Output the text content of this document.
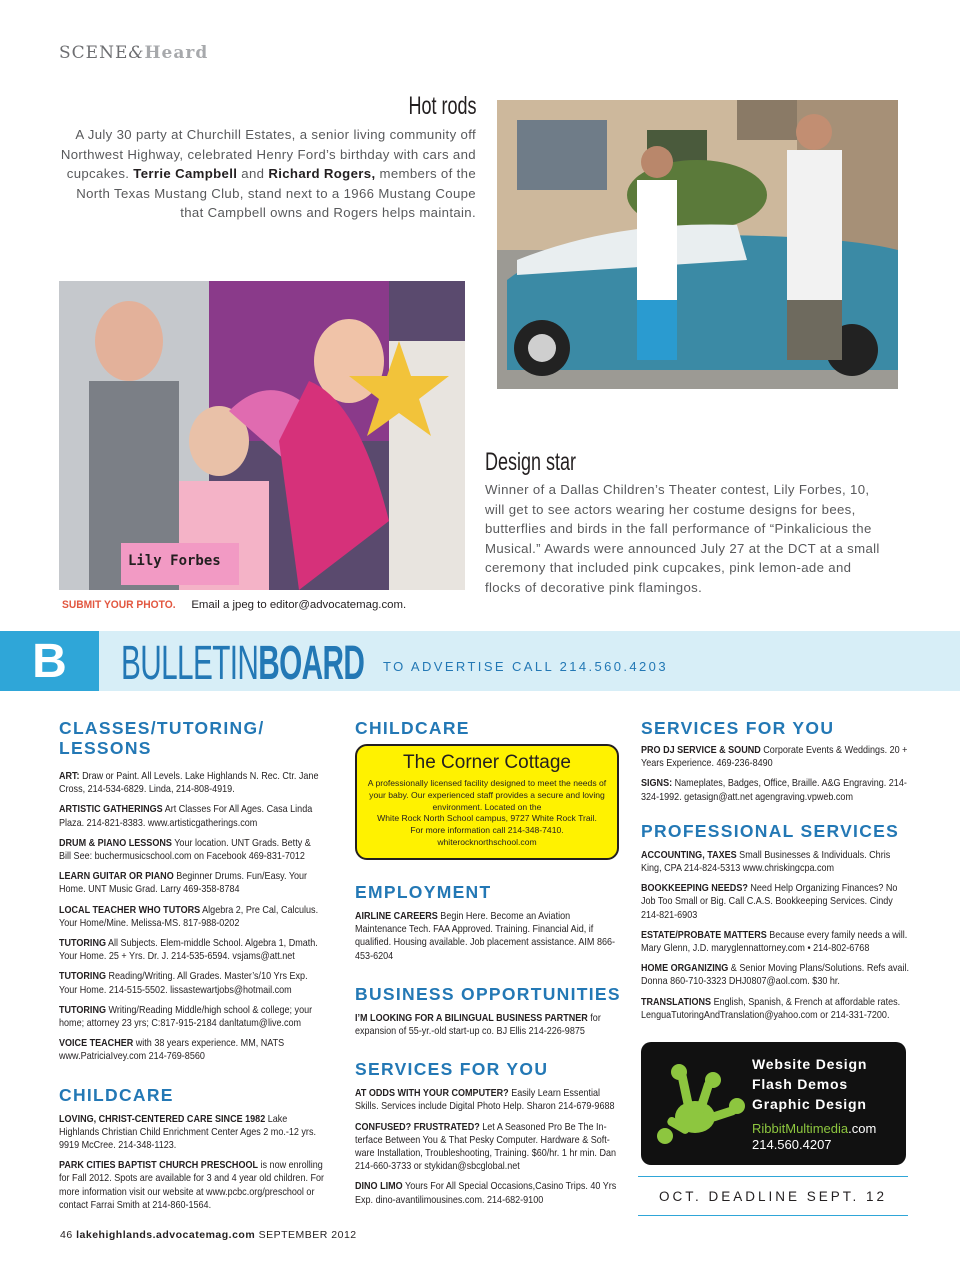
SCENE&Heard
Hot rods
A July 30 party at Churchill Estates, a senior living community off Northwest Highway, celebrated Henry Ford’s birthday with cars and cupcakes. Terrie Campbell and Richard Rogers, members of the North Texas Mustang Club, stand next to a 1966 Mustang Coupe that Campbell owns and Rogers helps maintain.
Lily Forbes
Design star
Winner of a Dallas Children’s Theater contest, Lily Forbes, 10, will get to see actors wearing her costume designs for bees, butterflies and birds in the fall performance of “Pinkalicious the Musical.” Awards were announced July 27 at the DCT at a small ceremony that included pink cupcakes, pink lemon-ade and flocks of decorative pink flamingos.
SUBMIT YOUR PHOTO. Email a jpeg to editor@advocatemag.com.
B	BULLETINBOARD TO ADVERTISE CALL 214.560.4203
CLASSES/TUTORING/ LESSONS
ART: Draw or Paint. All Levels. Lake Highlands N. Rec. Ctr. Jane Cross, 214-534-6829. Linda, 214-808-4919.
ARTISTIC GATHERINGS Art Classes For All Ages. Casa Linda Plaza. 214-821-8383. www.artisticgatherings.com
DRUM & PIANO LESSONS Your location. UNT Grads. Betty & Bill See: buchermusicschool.com on Facebook 469-831-7012
LEARN GUITAR OR PIANO Beginner Drums. Fun/Easy. Your Home. UNT Music Grad. Larry 469-358-8784
LOCAL TEACHER WHO TUTORS Algebra 2, Pre Cal, Calculus. Your Home/Mine. Melissa-MS. 817-988-0202
TUTORING All Subjects. Elem-middle School. Algebra 1, Dmath. Your Home. 25 + Yrs. Dr. J. 214-535-6594. vsjams@att.net
TUTORING Reading/Writing. All Grades. Master’s/10 Yrs Exp. Your Home. 214-515-5502. lissastewartjobs@hotmail.com
TUTORING Writing/Reading Middle/high school & college; your home; attorney 23 yrs; C:817-915-2184 danltatum@live.com
VOICE TEACHER with 38 years experience. MM, NATS www.PatriciaIvey.com 214-769-8560
CHILDCARE
LOVING, CHRIST-CENTERED CARE SINCE 1982 Lake Highlands Christian Child Enrichment Center Ages 2 mo.-12 yrs. 9919 McCree. 214-348-1123.
PARK CITIES BAPTIST CHURCH PRESCHOOL is now enrolling for Fall 2012. Spots are available for 3 and 4 year old children. For more information visit our website at www.pcbc.org/preschool or contact Farrai Smith at 214-860-1564.
CHILDCARE
The Corner Cottage
A professionally licensed facility designed to meet the needs of your baby. Our experienced staff provides a secure and loving environment. Located on the
White Rock North School campus, 9727 White Rock Trail.
For more information call 214-348-7410.
whiterocknorthschool.com
EMPLOYMENT
AIRLINE CAREERS Begin Here. Become an Aviation Maintenance Tech. FAA Approved. Training. Financial Aid, if qualified. Housing available. Job placement assistance. AIM 866-453-6204
BUSINESS OPPORTUNITIES
I’M LOOKING FOR A BILINGUAL BUSINESS PARTNER for expansion of 55-yr.-old start-up co. BJ Ellis 214-226-9875
SERVICES FOR YOU
AT ODDS WITH YOUR COMPUTER? Easily Learn Essential Skills. Services include Digital Photo Help. Sharon 214-679-9688
CONFUSED? FRUSTRATED? Let A Seasoned Pro Be The In-terface Between You & That Pesky Computer. Hardware & Soft-ware Installation, Troubleshooting, Training. $60/hr. 1 hr min. Dan 214-660-3733 or stykidan@sbcglobal.net
DINO LIMO Yours For All Special Occasions,Casino Trips. 40 Yrs Exp. dino-avantilimousines.com. 214-682-9100
SERVICES FOR YOU
PRO DJ SERVICE & SOUND Corporate Events & Weddings. 20 + Years Experience. 469-236-8490
SIGNS: Nameplates, Badges, Office, Braille. A&G Engraving. 214-324-1992. getasign@att.net agengraving.vpweb.com
PROFESSIONAL SERVICES
ACCOUNTING, TAXES Small Businesses & Individuals. Chris King, CPA 214-824-5313 www.chriskingcpa.com
BOOKKEEPING NEEDS? Need Help Organizing Finances? No Job Too Small or Big. Call C.A.S. Bookkeeping Services. Cindy 214-821-6903
ESTATE/PROBATE MATTERS Because every family needs a will. Mary Glenn, J.D. maryglennattorney.com • 214-802-6768
HOME ORGANIZING & Senior Moving Plans/Solutions. Refs avail. Donna 860-710-3323 DHJ0807@aol.com. $30 hr.
TRANSLATIONS English, Spanish, & French at affordable rates. LenguaTutoringAndTranslation@yahoo.com or 214-331-7200.
Website Design
Flash Demos
Graphic Design
RibbitMultimedia.com
214.560.4207
OCT. DEADLINE SEPT. 12
46 lakehighlands.advocatemag.com SEPTEMBER 2012
